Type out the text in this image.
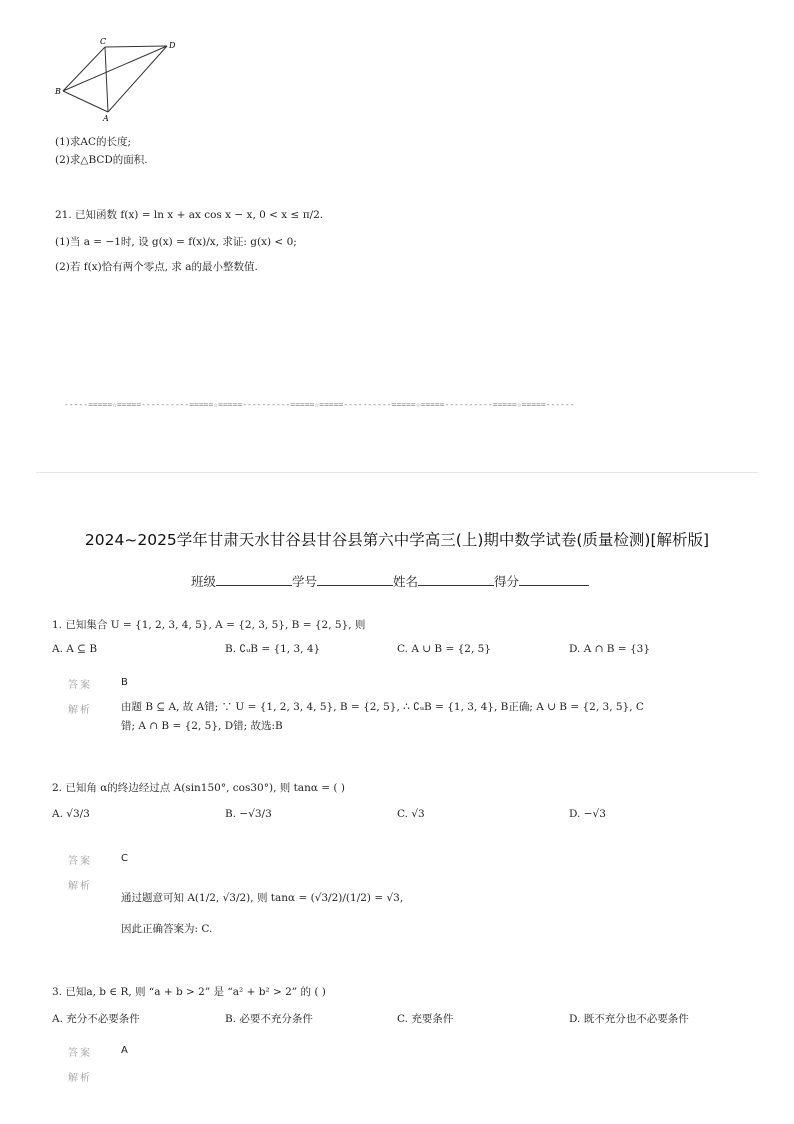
C	D
B
A
(1)求AC的长度;
(2)求△BCD的面积.
21. 已知函数 f(x) = ln x + ax cos x − x, 0 < x ≤ π/2.
(1)当 a = −1时, 设 g(x) = f(x)/x, 求证: g(x) < 0;
(2)若 f(x)恰有两个零点, 求 a的最小整数值.
-----=====☆=====----------=====☆=====----------=====☆=====----------=====☆=====----------=====☆=====------
2024~2025学年甘肃天水甘谷县甘谷县第六中学高三(上)期中数学试卷(质量检测)[解析版]
班级	学号	姓名	得分
1. 已知集合 U = {1, 2, 3, 4, 5}, A = {2, 3, 5}, B = {2, 5}, 则
A. A ⊆ B	B. ∁ᵤB = {1, 3, 4}	C. A ∪ B = {2, 5}	D. A ∩ B = {3}
答案	B
解析	由题 B ⊆ A, 故 A错; ∵ U = {1, 2, 3, 4, 5}, B = {2, 5}, ∴ ∁ᵤB = {1, 3, 4}, B正确; A ∪ B = {2, 3, 5}, C
错; A ∩ B = {2, 5}, D错; 故选:B
2. 已知角 α的终边经过点 A(sin150°, cos30°), 则 tanα = ( )
A. √3/3	B. −√3/3	C. √3	D. −√3
答案	C
解析
通过题意可知 A(1/2, √3/2), 则 tanα = (√3/2)/(1/2) = √3,
因此正确答案为: C.
3. 已知a, b ∈ R, 则 “a + b > 2” 是 “a² + b² > 2” 的 ( )
A. 充分不必要条件	B. 必要不充分条件	C. 充要条件	D. 既不充分也不必要条件
答案	A
解析
